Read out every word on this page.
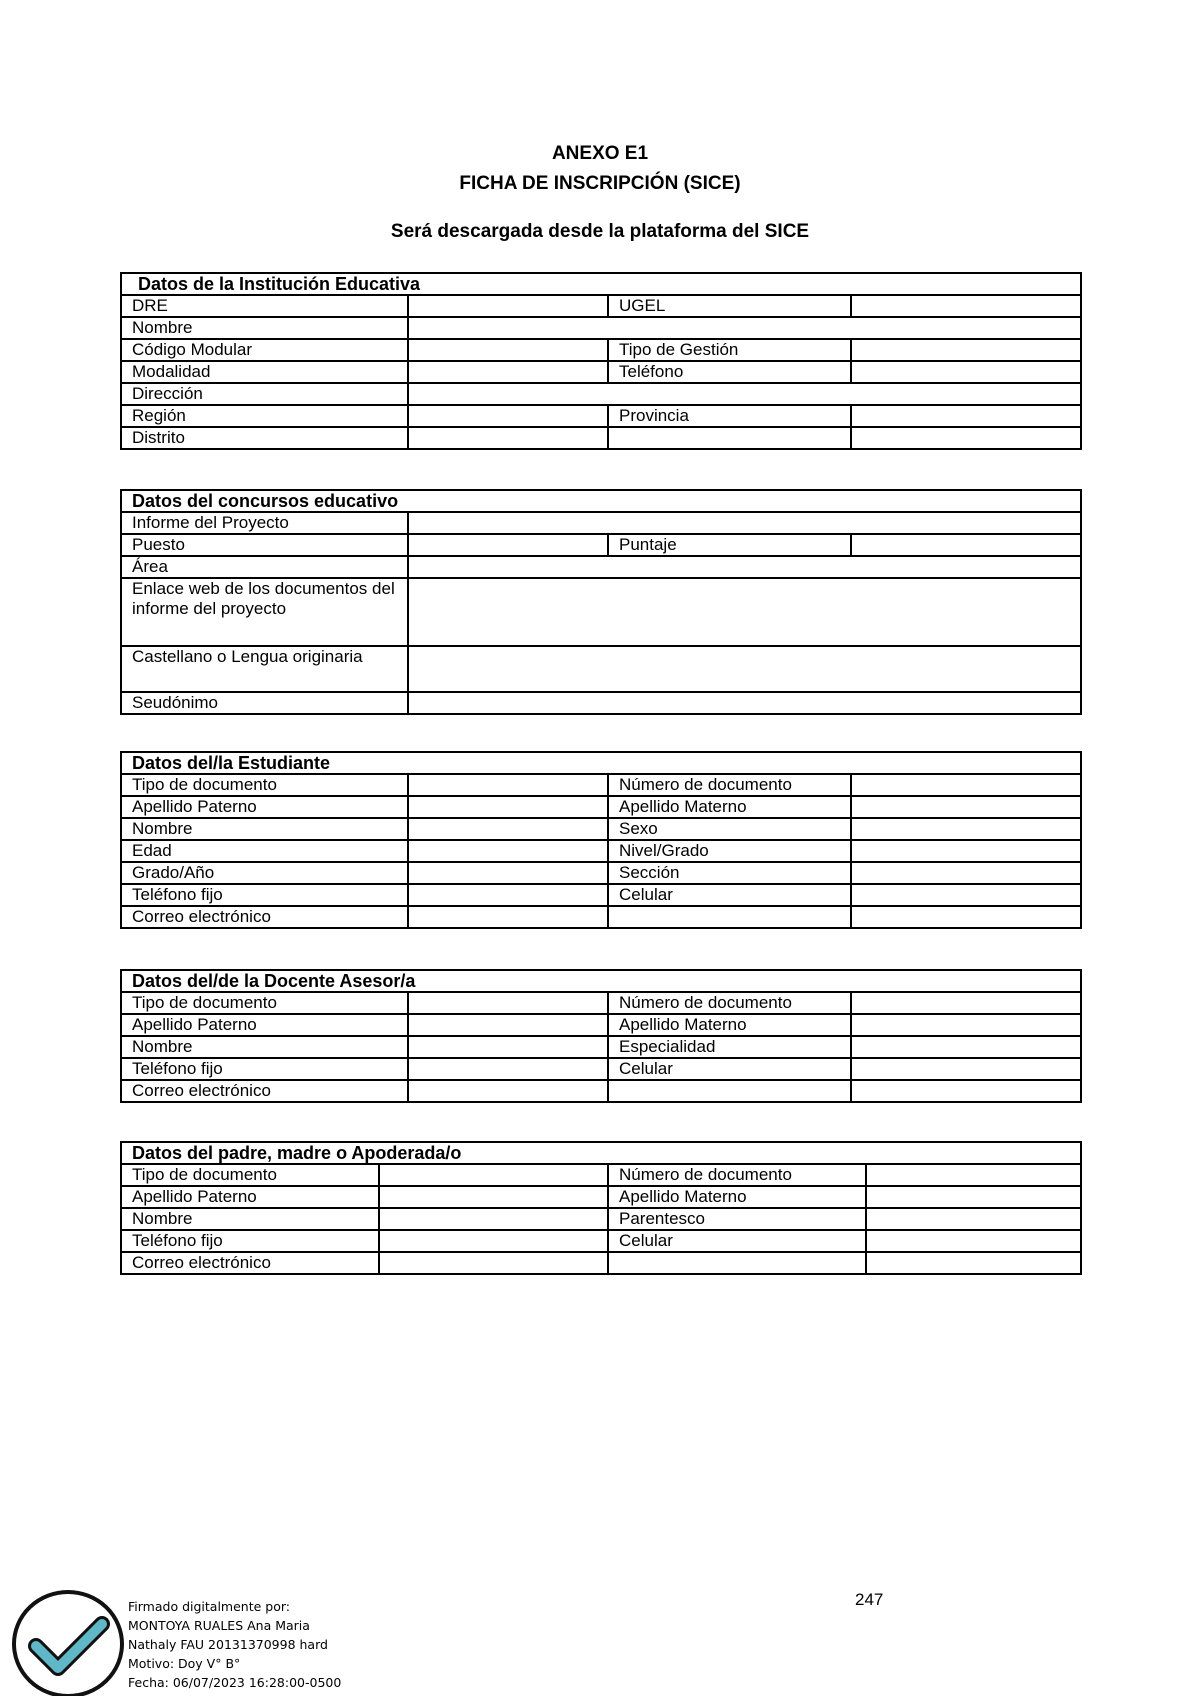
ANEXO E1
FICHA DE INSCRIPCIÓN (SICE)
Será descargada desde la plataforma del SICE
Datos de la Institución Educativa			
DRE		UGEL	
Nombre			
Código Modular		Tipo de Gestión	
Modalidad		Teléfono	
Dirección			
Región		Provincia	
Distrito			
Datos del concursos educativo			
Informe del Proyecto			
Puesto		Puntaje	
Área			
Enlace web de los documentos del informe del proyecto			
Castellano o Lengua originaria			
Seudónimo			
Datos del/la Estudiante			
Tipo de documento		Número de documento	
Apellido Paterno		Apellido Materno	
Nombre		Sexo	
Edad		Nivel/Grado	
Grado/Año		Sección	
Teléfono fijo		Celular	
Correo electrónico			
Datos del/de la Docente Asesor/a			
Tipo de documento		Número de documento	
Apellido Paterno		Apellido Materno	
Nombre		Especialidad	
Teléfono fijo		Celular	
Correo electrónico			
Datos del padre, madre o Apoderada/o			
Tipo de documento		Número de documento	
Apellido Paterno		Apellido Materno	
Nombre		Parentesco	
Teléfono fijo		Celular	
Correo electrónico			
247
Firmado digitalmente por:
MONTOYA RUALES Ana Maria
Nathaly FAU 20131370998 hard
Motivo: Doy V° B°
Fecha: 06/07/2023 16:28:00-0500
